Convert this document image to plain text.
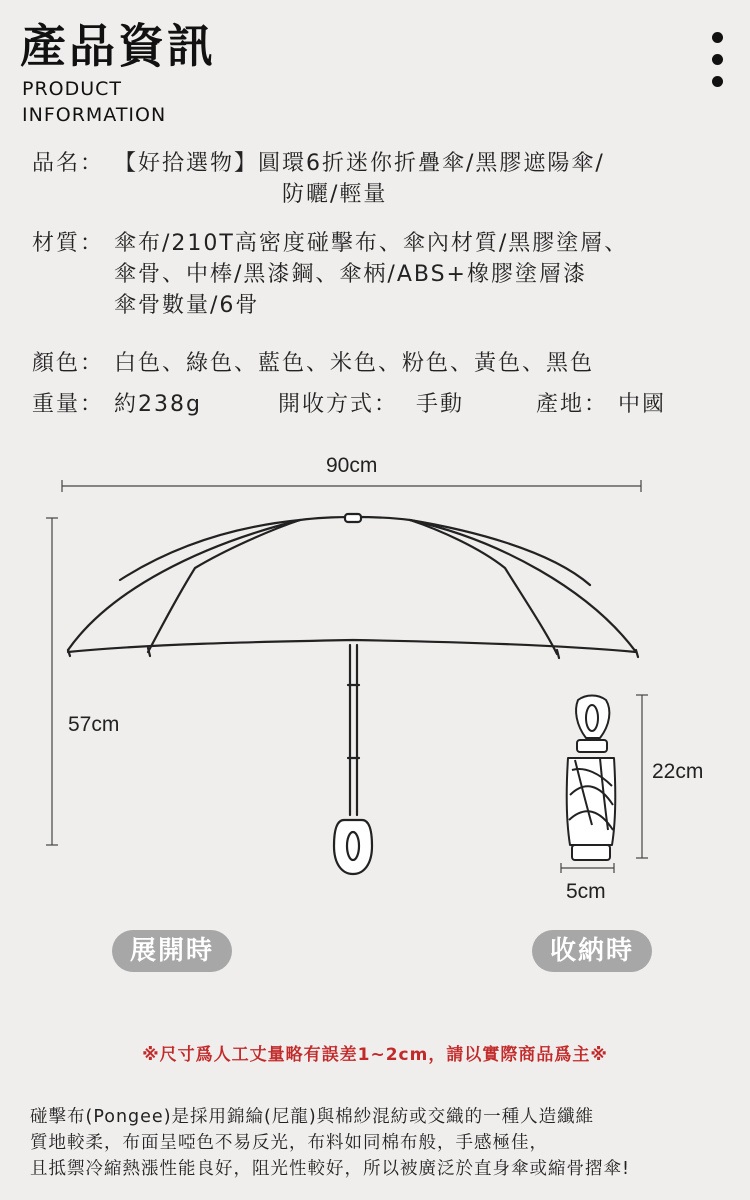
產品資訊
PRODUCT
INFORMATION
品名： 【好拾選物】圓環6折迷你折疊傘/黑膠遮陽傘/
防曬/輕量
材質： 傘布/210T高密度碰擊布、傘內材質/黑膠塗層、
傘骨、中棒/黑漆鋼、傘柄/ABS+橡膠塗層漆
傘骨數量/6骨
顏色： 白色、綠色、藍色、米色、粉色、黃色、黑色
重量： 約238g	開收方式： 手動	產地： 中國
90cm
57cm
22cm
5cm
展開時	收納時
※尺寸爲人工丈量略有誤差1~2cm，請以實際商品爲主※
碰擊布(Pongee)是採用錦綸(尼龍)與棉紗混紡或交織的一種人造纖維
質地較柔，布面呈啞色不易反光，布料如同棉布般，手感極佳，
且抵禦冷縮熱漲性能良好，阻光性較好，所以被廣泛於直身傘或縮骨摺傘!
